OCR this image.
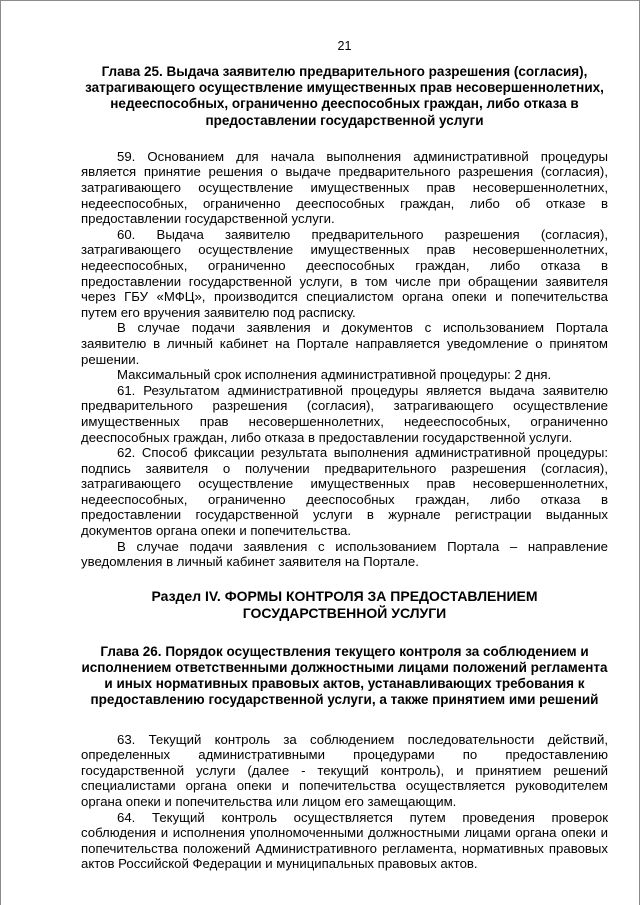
21
Глава 25. Выдача заявителю предварительного разрешения (согласия), затрагивающего осуществление имущественных прав несовершеннолетних, недееспособных, ограниченно дееспособных граждан, либо отказа в предоставлении государственной услуги

59. Основанием для начала выполнения административной процедуры является принятие решения о выдаче предварительного разрешения (согласия), затрагивающего осуществление имущественных прав несовершеннолетних, недееспособных, ограниченно дееспособных граждан, либо об отказе в предоставлении государственной услуги.

60. Выдача заявителю предварительного разрешения (согласия), затрагивающего осуществление имущественных прав несовершеннолетних, недееспособных, ограниченно дееспособных граждан, либо отказа в предоставлении государственной услуги, в том числе при обращении заявителя через ГБУ «МФЦ», производится специалистом органа опеки и попечительства путем его вручения заявителю под расписку.

В случае подачи заявления и документов с использованием Портала заявителю в личный кабинет на Портале направляется уведомление о принятом решении.

Максимальный срок исполнения административной процедуры: 2 дня.

61. Результатом административной процедуры является выдача заявителю предварительного разрешения (согласия), затрагивающего осуществление имущественных прав несовершеннолетних, недееспособных, ограниченно дееспособных граждан, либо отказа в предоставлении государственной услуги.

62. Способ фиксации результата выполнения административной процедуры: подпись заявителя о получении предварительного разрешения (согласия), затрагивающего осуществление имущественных прав несовершеннолетних, недееспособных, ограниченно дееспособных граждан, либо отказа в предоставлении государственной услуги в журнале регистрации выданных документов органа опеки и попечительства.

В случае подачи заявления с использованием Портала – направление уведомления в личный кабинет заявителя на Портале.

Раздел IV. ФОРМЫ КОНТРОЛЯ ЗА ПРЕДОСТАВЛЕНИЕМ ГОСУДАРСТВЕННОЙ УСЛУГИ
Глава 26. Порядок осуществления текущего контроля за соблюдением и исполнением ответственными должностными лицами положений регламента и иных нормативных правовых актов, устанавливающих требования к предоставлению государственной услуги, а также принятием ими решений

63. Текущий контроль за соблюдением последовательности действий, определенных административными процедурами по предоставлению государственной услуги (далее - текущий контроль), и принятием решений специалистами органа опеки и попечительства осуществляется руководителем органа опеки и попечительства или лицом его замещающим.

64. Текущий контроль осуществляется путем проведения проверок соблюдения и исполнения уполномоченными должностными лицами органа опеки и попечительства положений Административного регламента, нормативных правовых актов Российской Федерации и муниципальных правовых актов.
